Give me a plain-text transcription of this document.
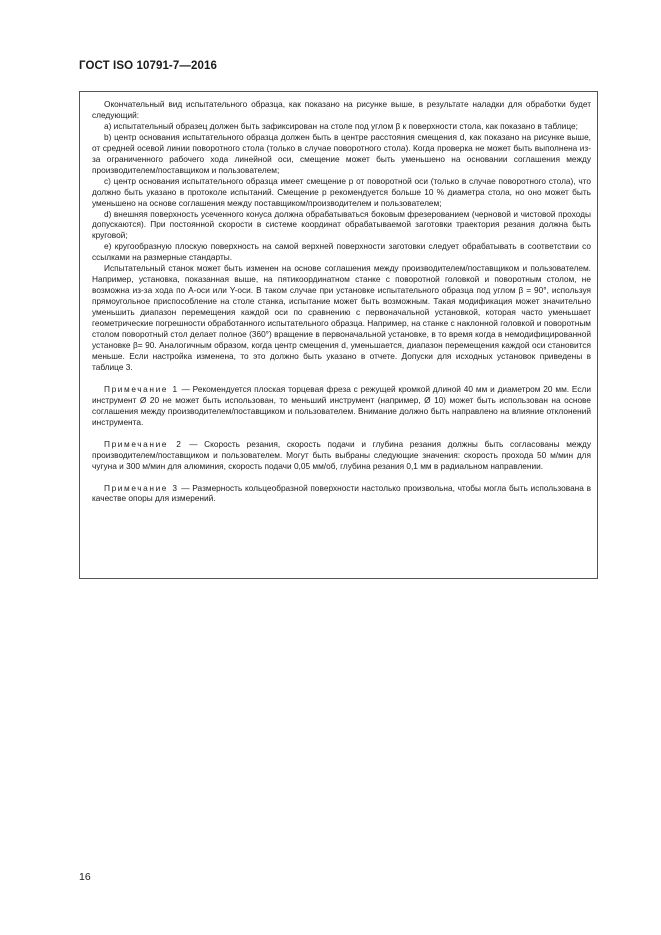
ГОСТ ISO 10791-7—2016

Окончательный вид испытательного образца, как показано на рисунке выше, в результате наладки для обработки будет следующий:

a) испытательный образец должен быть зафиксирован на столе под углом β к поверхности стола, как показано в таблице;

b) центр основания испытательного образца должен быть в центре расстояния смещения d, как показано на рисунке выше, от средней осевой линии поворотного стола (только в случае поворотного стола). Когда проверка не может быть выполнена из-за ограниченного рабочего хода линейной оси, смещение может быть уменьшено на основании соглашения между производителем/поставщиком и пользователем;

c) центр основания испытательного образца имеет смещение p от поворотной оси (только в случае поворотного стола), что должно быть указано в протоколе испытаний. Смещение p рекомендуется больше 10 % диаметра стола, но оно может быть уменьшено на основе соглашения между поставщиком/производителем и пользователем;

d) внешняя поверхность усеченного конуса должна обрабатываться боковым фрезерованием (черновой и чистовой проходы допускаются). При постоянной скорости в системе координат обрабатываемой заготовки траектория резания должна быть круговой;

e) кругообразную плоскую поверхность на самой верхней поверхности заготовки следует обрабатывать в соответствии со ссылками на размерные стандарты.

Испытательный станок может быть изменен на основе соглашения между производителем/поставщиком и пользователем. Например, установка, показанная выше, на пятикоординатном станке с поворотной головкой и поворотным столом, не возможна из-за хода по А-оси или Y-оси. В таком случае при установке испытательного образца под углом β = 90°, используя прямоугольное приспособление на столе станка, испытание может быть возможным. Такая модификация может значительно уменьшить диапазон перемещения каждой оси по сравнению с первоначальной установкой, которая часто уменьшает геометрические погрешности обработанного испытательного образца. Например, на станке с наклонной головкой и поворотным столом поворотный стол делает полное (360°) вращение в первоначальной установке, в то время когда в немодифицированной установке β= 90. Аналогичным образом, когда центр смещения d, уменьшается, диапазон перемещения каждой оси становится меньше. Если настройка изменена, то это должно быть указано в отчете. Допуски для исходных установок приведены в таблице 3.

Примечание 1 — Рекомендуется плоская торцевая фреза с режущей кромкой длиной 40 мм и диаметром 20 мм. Если инструмент Ø 20 не может быть использован, то меньший инструмент (например, Ø 10) может быть использован на основе соглашения между производителем/поставщиком и пользователем. Внимание должно быть направлено на влияние отклонений инструмента.

Примечание 2 — Скорость резания, скорость подачи и глубина резания должны быть согласованы между производителем/поставщиком и пользователем. Могут быть выбраны следующие значения: скорость прохода 50 м/мин для чугуна и 300 м/мин для алюминия, скорость подачи 0,05 мм/об, глубина резания 0,1 мм в радиальном направлении.

Примечание 3 — Размерность кольцеобразной поверхности настолько произвольна, чтобы могла быть использована в качестве опоры для измерений.

16
